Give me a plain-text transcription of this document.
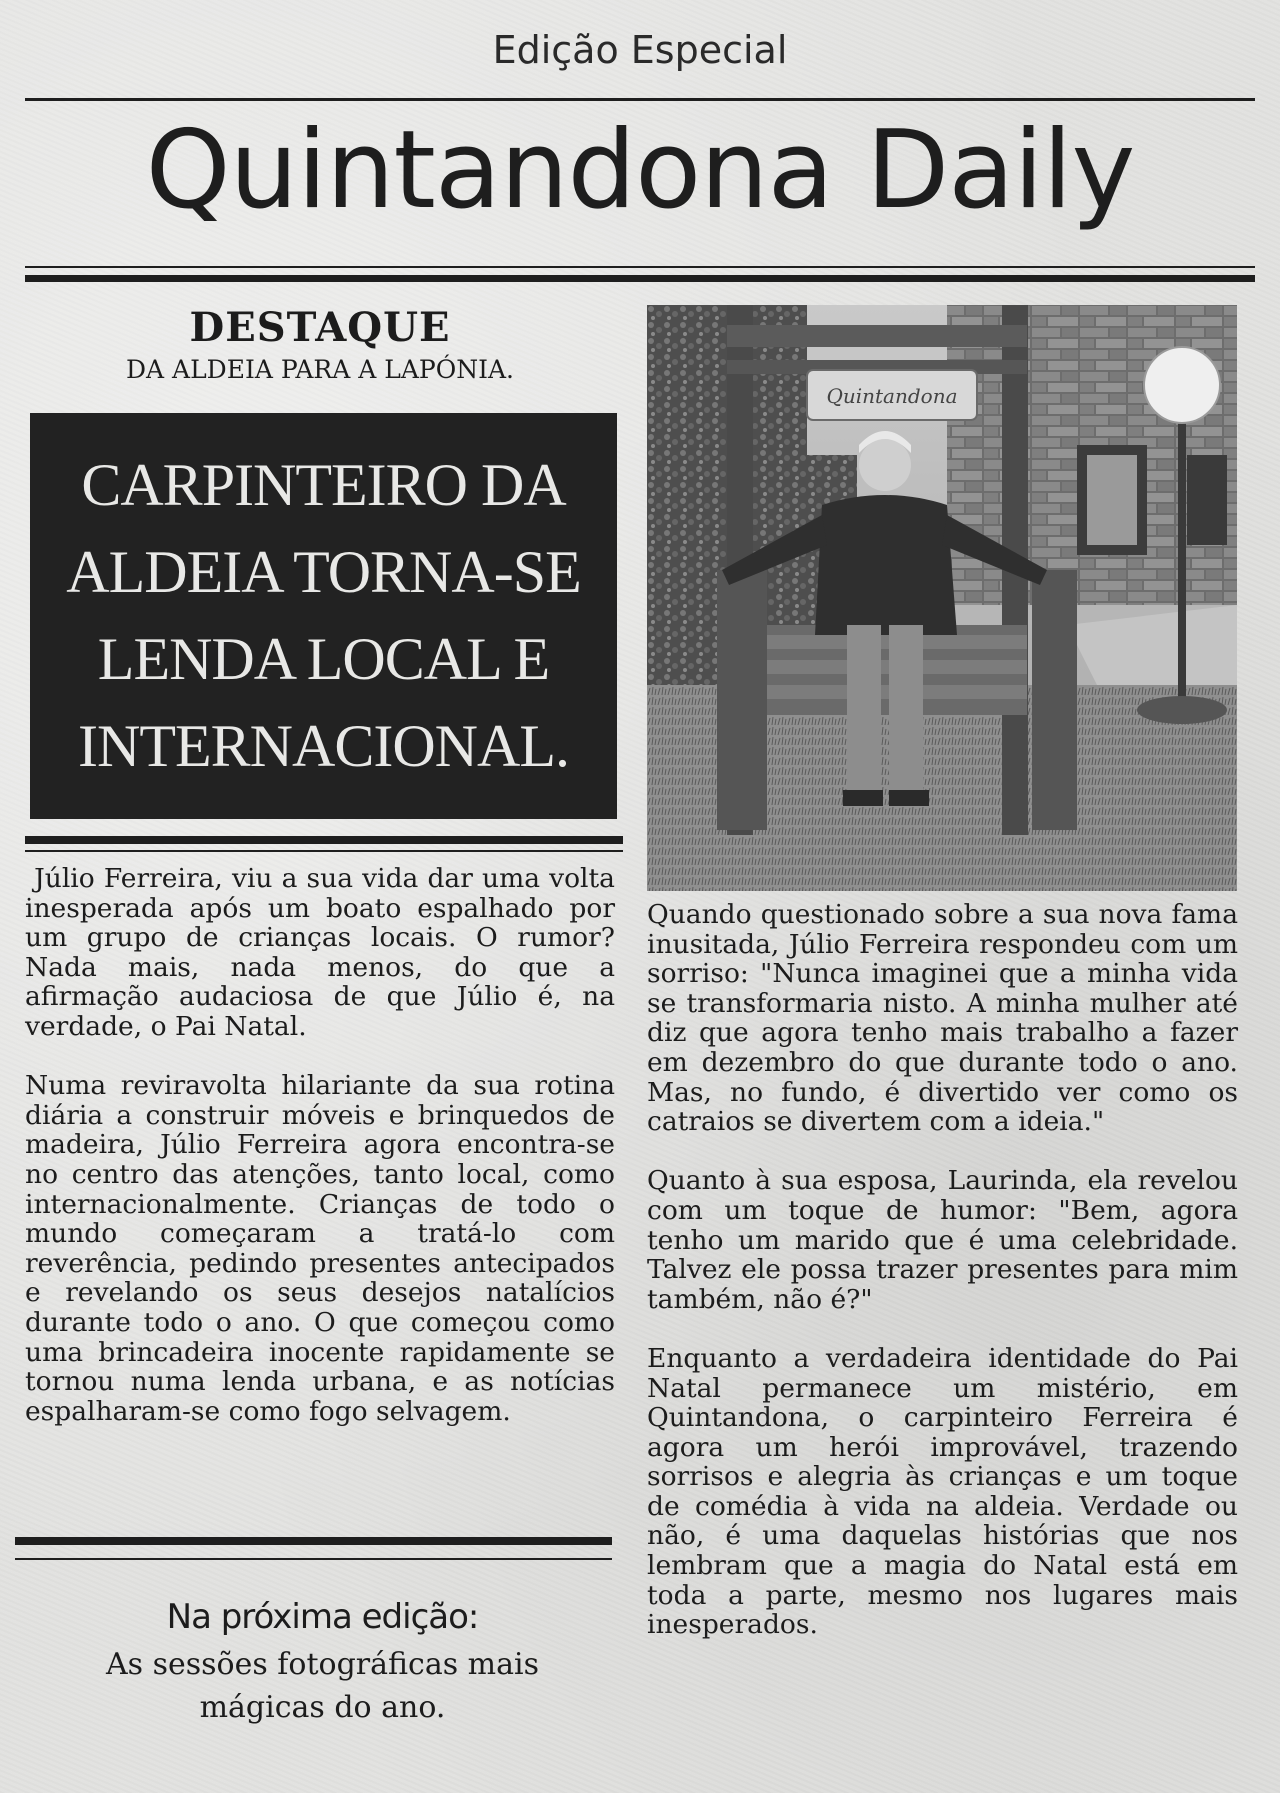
Edição Especial
Quintandona Daily
DESTAQUE
DA ALDEIA PARA A LAPÓNIA.
CARPINTEIRO DA ALDEIA TORNA-SE LENDA LOCAL E INTERNACIONAL.
Quintandona

Júlio Ferreira, viu a sua vida dar uma volta inesperada após um boato espalhado por um grupo de crianças locais. O rumor? Nada mais, nada menos, do que a afirmação audaciosa de que Júlio é, na verdade, o Pai Natal.

Numa reviravolta hilariante da sua rotina diária a construir móveis e brinquedos de madeira, Júlio Ferreira agora encontra-se no centro das atenções, tanto local, como internacionalmente. Crianças de todo o mundo começaram a tratá-lo com reverência, pedindo presentes antecipados e revelando os seus desejos natalícios durante todo o ano. O que começou como uma brincadeira inocente rapidamente se tornou numa lenda urbana, e as notícias espalharam-se como fogo selvagem.

Quando questionado sobre a sua nova fama inusitada, Júlio Ferreira respondeu com um sorriso: "Nunca imaginei que a minha vida se transformaria nisto. A minha mulher até diz que agora tenho mais trabalho a fazer em dezembro do que durante todo o ano. Mas, no fundo, é divertido ver como os catraios se divertem com a ideia."

Quanto à sua esposa, Laurinda, ela revelou com um toque de humor: "Bem, agora tenho um marido que é uma celebridade. Talvez ele possa trazer presentes para mim também, não é?"

Enquanto a verdadeira identidade do Pai Natal permanece um mistério, em Quintandona, o carpinteiro Ferreira é agora um herói improvável, trazendo sorrisos e alegria às crianças e um toque de comédia à vida na aldeia. Verdade ou não, é uma daquelas histórias que nos lembram que a magia do Natal está em toda a parte, mesmo nos lugares mais inesperados.

Na próxima edição:
As sessões fotográficas mais mágicas do ano.
